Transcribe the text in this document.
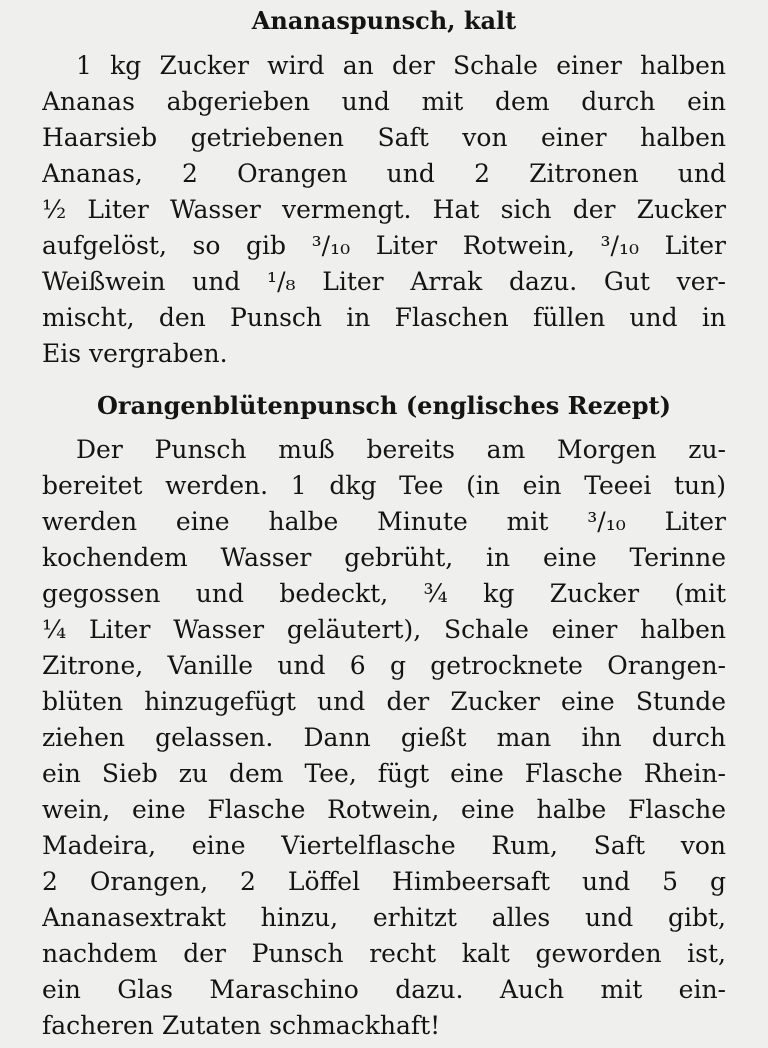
Ananaspunsch, kalt
1 kg Zucker wird an der Schale einer halben
Ananas abgerieben und mit dem durch ein
Haarsieb getriebenen Saft von einer halben
Ananas, 2 Orangen und 2 Zitronen und
½ Liter Wasser vermengt. Hat sich der Zucker
aufgelöst, so gib ³/₁₀ Liter Rotwein, ³/₁₀ Liter
Weißwein und ¹/₈ Liter Arrak dazu. Gut ver-
mischt, den Punsch in Flaschen füllen und in
Eis vergraben.
Orangenblütenpunsch (englisches Rezept)
Der Punsch muß bereits am Morgen zu-
bereitet werden. 1 dkg Tee (in ein Teeei tun)
werden eine halbe Minute mit ³/₁₀ Liter
kochendem Wasser gebrüht, in eine Terinne
gegossen und bedeckt, ¾ kg Zucker (mit
¼ Liter Wasser geläutert), Schale einer halben
Zitrone, Vanille und 6 g getrocknete Orangen-
blüten hinzugefügt und der Zucker eine Stunde
ziehen gelassen. Dann gießt man ihn durch
ein Sieb zu dem Tee, fügt eine Flasche Rhein-
wein, eine Flasche Rotwein, eine halbe Flasche
Madeira, eine Viertelflasche Rum, Saft von
2 Orangen, 2 Löffel Himbeersaft und 5 g
Ananasextrakt hinzu, erhitzt alles und gibt,
nachdem der Punsch recht kalt geworden ist,
ein Glas Maraschino dazu. Auch mit ein-
facheren Zutaten schmackhaft!
